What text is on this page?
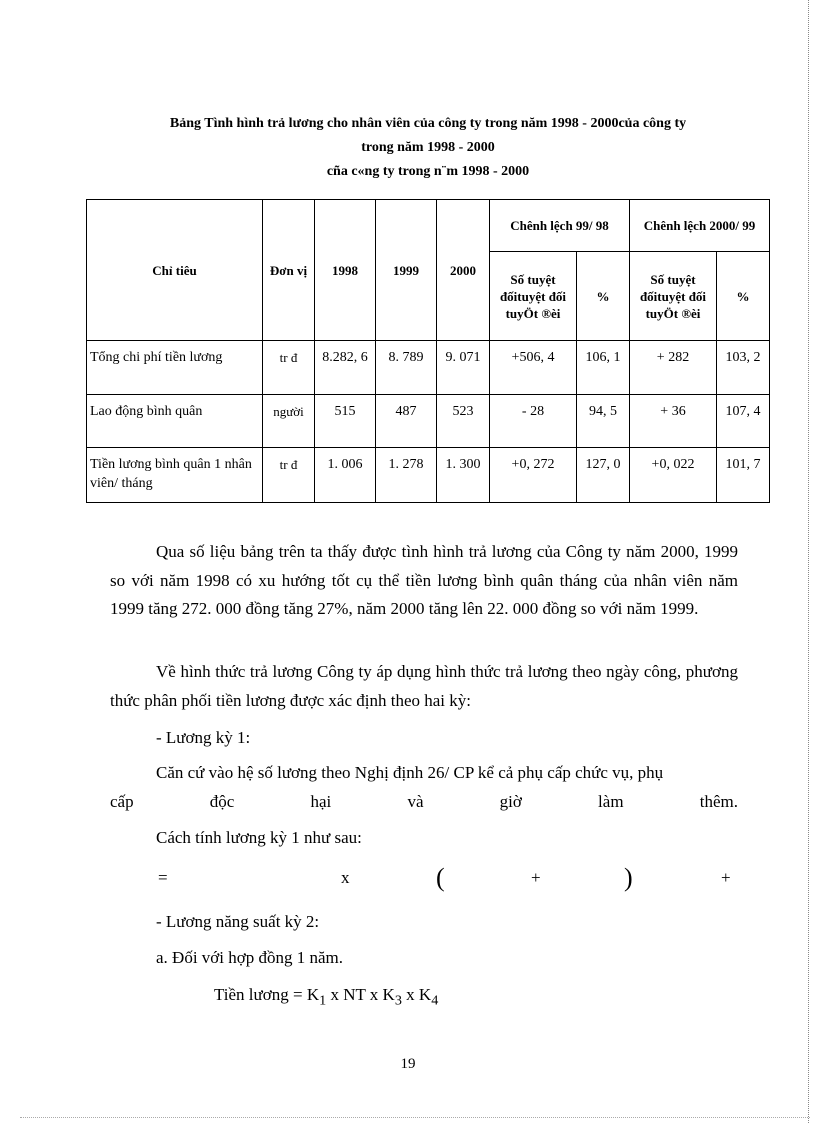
Bảng Tình hình trả lương cho nhân viên của công ty trong năm 1998 - 2000của công ty
trong năm 1998 - 2000
cña c«ng ty trong n¨m 1998 - 2000
Chỉ tiêu	Đơn vị	1998	1999	2000	Chênh lệch 99/ 98		Chênh lệch 2000/ 99	
					Số tuyệt đốituyệt đối tuyÖt ®èi	%	Số tuyệt đốituyệt đối tuyÖt ®èi	%
Tổng chi phí tiền lương	tr đ	8.282, 6	8. 789	9. 071	+506, 4	106, 1	+ 282	103, 2
Lao động bình quân	người	515	487	523	- 28	94, 5	+ 36	107, 4
Tiền lương bình quân 1 nhân viên/ tháng	tr đ	1. 006	1. 278	1. 300	+0, 272	127, 0	+0, 022	101, 7
Qua số liệu bảng trên ta thấy được tình hình trả lương của Công ty năm 2000, 1999 so với năm 1998 có xu hướng tốt cụ thể tiền lương bình quân tháng của nhân viên năm 1999 tăng 272. 000 đồng tăng 27%, năm 2000 tăng lên 22. 000 đồng so với năm 1999.
Về hình thức trả lương Công ty áp dụng hình thức trả lương theo ngày công, phương thức phân phối tiền lương được xác định theo hai kỳ:
- Lương kỳ 1:
Căn cứ vào hệ số lương theo Nghị định 26/ CP kể cả phụ cấp chức vụ, phụ
cấp	độc	hại	và	giờ	làm	thêm.
Cách tính lương kỳ 1 như sau:
=	x	(	+	)	+
- Lương năng suất kỳ 2:
a. Đối với hợp đồng 1 năm.
Tiền lương = $K_1$ x NT x $K_3$ x $K_4$
19
